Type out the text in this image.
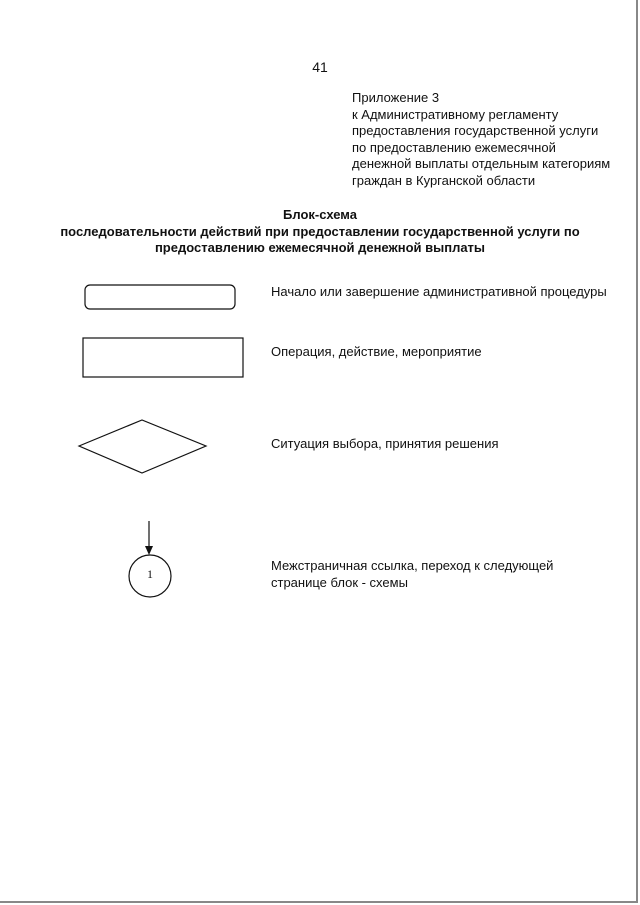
41
Приложение 3
к Административному регламенту
предоставления государственной услуги
по предоставлению ежемесячной
денежной выплаты отдельным категориям
граждан в Курганской области
Блок-схема
последовательности действий при предоставлении государственной услуги по
предоставлению ежемесячной денежной выплаты
Начало или завершение административной процедуры
Операция, действие, мероприятие
Ситуация выбора, принятия решения
1
Межстраничная ссылка, переход к следующей
странице блок - схемы
